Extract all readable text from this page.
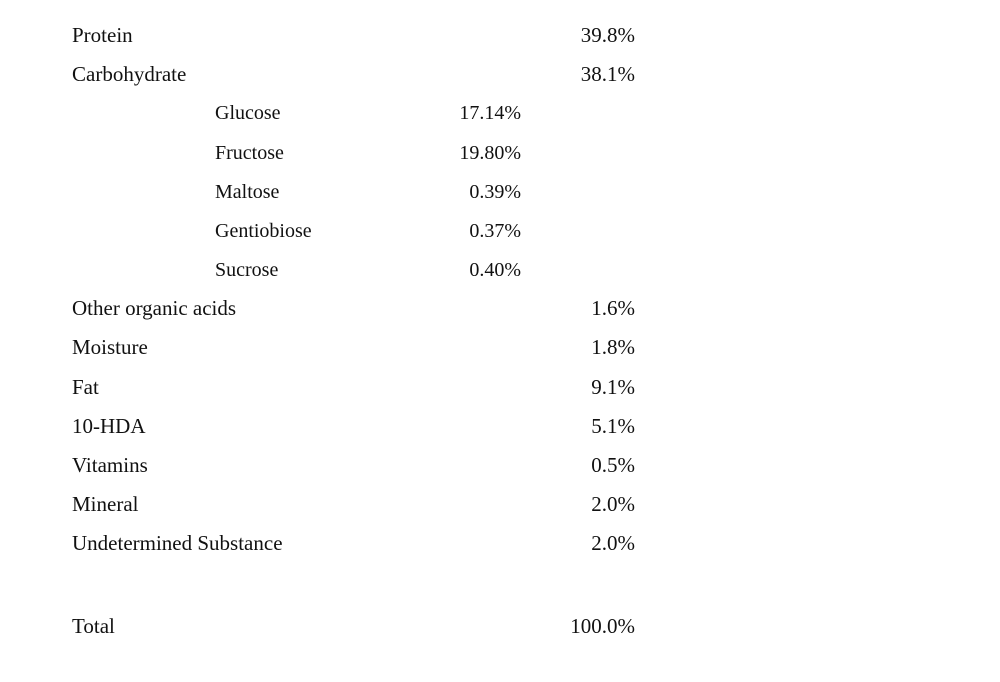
Protein	39.8%
Carbohydrate	38.1%
Glucose	17.14%
Fructose	19.80%
Maltose	0.39%
Gentiobiose	0.37%
Sucrose	0.40%
Other organic acids	1.6%
Moisture	1.8%
Fat	9.1%
10-HDA	5.1%
Vitamins	0.5%
Mineral	2.0%
Undetermined Substance	2.0%
Total	100.0%
